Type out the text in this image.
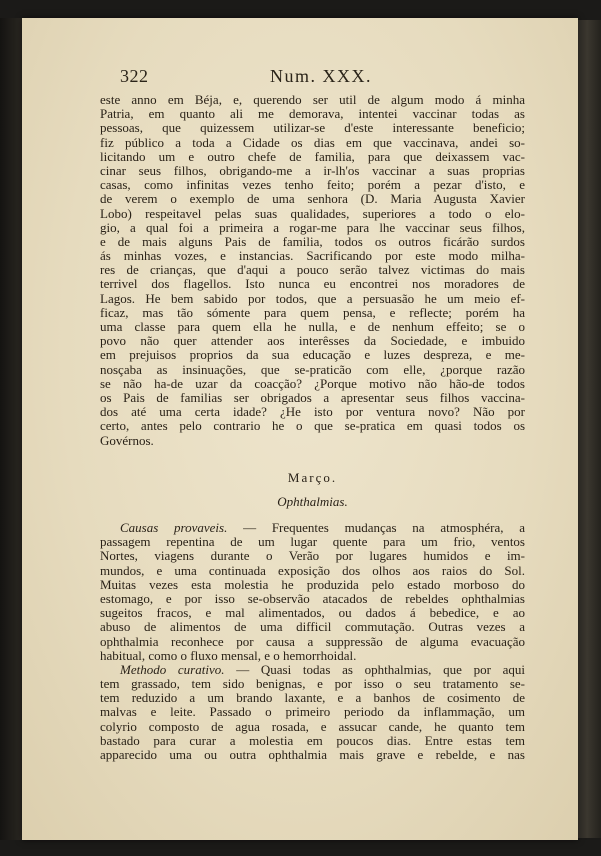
322	Num. XXX.
este anno em Béja, e, querendo ser util de algum modo á minha
Patria, em quanto ali me demorava, intentei vaccinar todas as
pessoas, que quizessem utilizar-se d'este interessante beneficio;
fiz público a toda a Cidade os dias em que vaccinava, andei so-
licitando um e outro chefe de familia, para que deixassem vac-
cinar seus filhos, obrigando-me a ir-lh'os vaccinar a suas proprias
casas, como infinitas vezes tenho feito; porém a pezar d'isto, e
de verem o exemplo de uma senhora (D. Maria Augusta Xavier
Lobo) respeitavel pelas suas qualidades, superiores a todo o elo-
gio, a qual foi a primeira a rogar-me para lhe vaccinar seus filhos,
e de mais alguns Pais de familia, todos os outros ficárão surdos
ás minhas vozes, e instancias. Sacrificando por este modo milha-
res de crianças, que d'aqui a pouco serão talvez victimas do mais
terrivel dos flagellos. Isto nunca eu encontrei nos moradores de
Lagos. He bem sabido por todos, que a persuasão he um meio ef-
ficaz, mas tão sómente para quem pensa, e reflecte; porém ha
uma classe para quem ella he nulla, e de nenhum effeito; se o
povo não quer attender aos interêsses da Sociedade, e imbuido
em prejuisos proprios da sua educação e luzes despreza, e me-
nosçaba as insinuações, que se-praticão com elle, ¿porque razão
se não ha-de uzar da coacção? ¿Porque motivo não hão-de todos
os Pais de familias ser obrigados a apresentar seus filhos vaccina-
dos até uma certa idade? ¿He isto por ventura novo? Não por
certo, antes pelo contrario he o que se-pratica em quasi todos os
Govérnos.
Março.
Ophthalmias.
Causas provaveis. — Frequentes mudanças na atmosphéra, a
passagem repentina de um lugar quente para um frio, ventos
Nortes, viagens durante o Verão por lugares humidos e im-
mundos, e uma continuada exposição dos olhos aos raios do Sol.
Muitas vezes esta molestia he produzida pelo estado morboso do
estomago, e por isso se-observão atacados de rebeldes ophthalmias
sugeitos fracos, e mal alimentados, ou dados á bebedice, e ao
abuso de alimentos de uma difficil commutação. Outras vezes a
ophthalmia reconhece por causa a suppressão de alguma evacuação
habitual, como o fluxo mensal, e o hemorrhoidal.
Methodo curativo. — Quasi todas as ophthalmias, que por aqui
tem grassado, tem sido benignas, e por isso o seu tratamento se-
tem reduzido a um brando laxante, e a banhos de cosimento de
malvas e leite. Passado o primeiro periodo da inflammação, um
colyrio composto de agua rosada, e assucar cande, he quanto tem
bastado para curar a molestia em poucos dias. Entre estas tem
apparecido uma ou outra ophthalmia mais grave e rebelde, e nas
